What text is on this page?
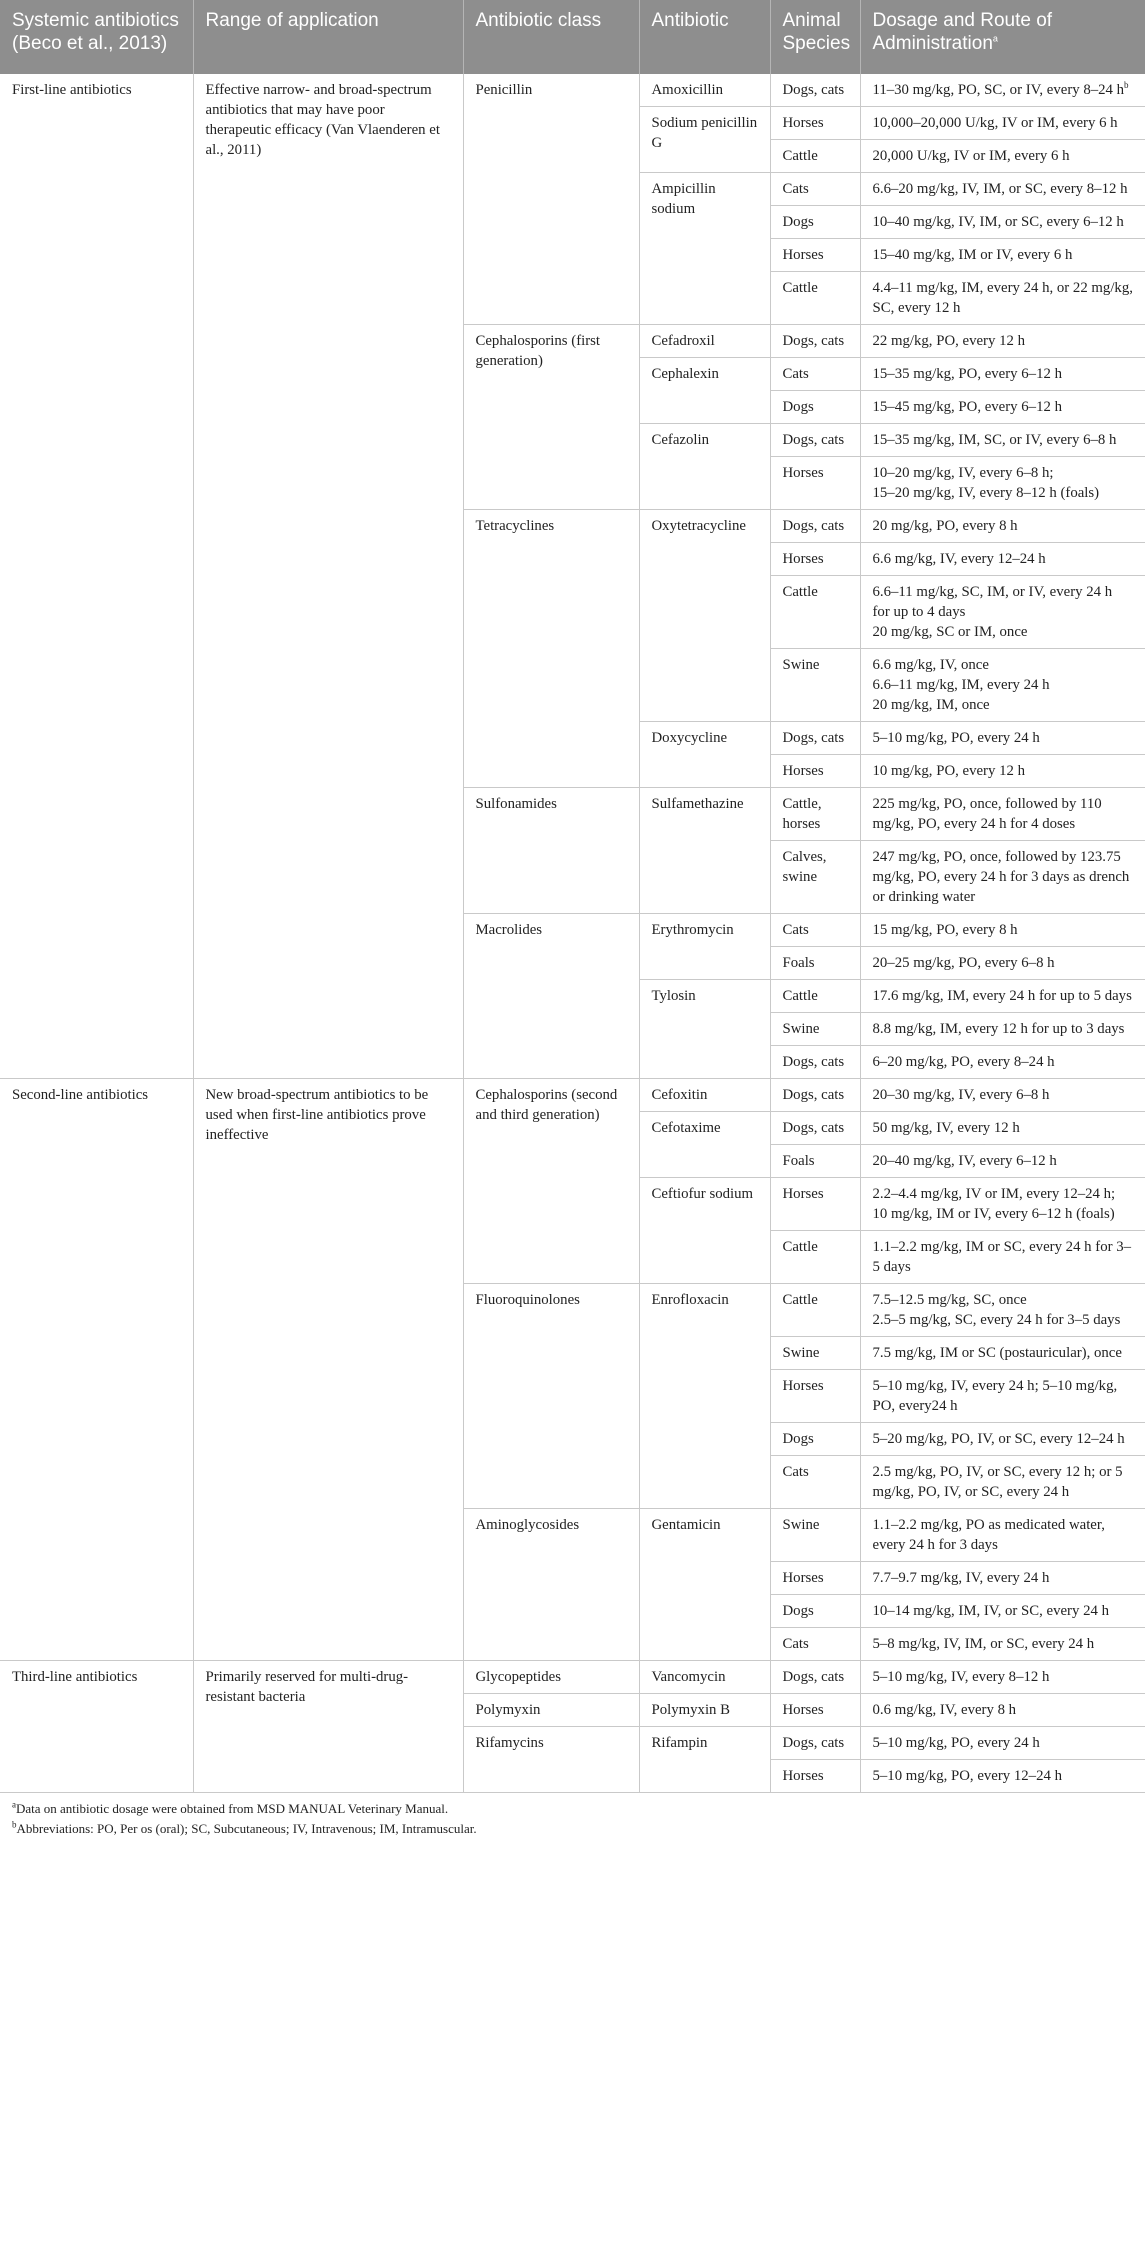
Systemic antibiotics (Beco et al., 2013)	Range of application	Antibiotic class	Antibiotic	Animal Species	Dosage and Route of Administration$^a$
First-line antibiotics	Effective narrow- and broad-spectrum antibiotics that may have poor therapeutic efficacy (Van Vlaenderen et al., 2011)	Penicillin	Amoxicillin	Dogs, cats	11–30 mg/kg, PO, SC, or IV, every 8–24 $h^b$

			Sodium penicillin G	Horses	10,000–20,000 U/kg, IV or IM, every 6 h

				Cattle	20,000 U/kg, IV or IM, every 6 h

			Ampicillin sodium	Cats	6.6–20 mg/kg, IV, IM, or SC, every 8–12 h

				Dogs	10–40 mg/kg, IV, IM, or SC, every 6–12 h

				Horses	15–40 mg/kg, IM or IV, every 6 h

				Cattle	4.4–11 mg/kg, IM, every 24 h, or 22 mg/kg, SC, every 12 h

		Cephalosporins (first generation)	Cefadroxil	Dogs, cats	22 mg/kg, PO, every 12 h

			Cephalexin	Cats	15–35 mg/kg, PO, every 6–12 h

				Dogs	15–45 mg/kg, PO, every 6–12 h

			Cefazolin	Dogs, cats	15–35 mg/kg, IM, SC, or IV, every 6–8 h

				Horses	10–20 mg/kg, IV, every 6–8 h;
15–20 mg/kg, IV, every 8–12 h (foals)

		Tetracyclines	Oxytetracycline	Dogs, cats	20 mg/kg, PO, every 8 h

				Horses	6.6 mg/kg, IV, every 12–24 h

				Cattle	6.6–11 mg/kg, SC, IM, or IV, every 24 h for up to 4 days
20 mg/kg, SC or IM, once

				Swine	6.6 mg/kg, IV, once
6.6–11 mg/kg, IM, every 24 h
20 mg/kg, IM, once

			Doxycycline	Dogs, cats	5–10 mg/kg, PO, every 24 h

				Horses	10 mg/kg, PO, every 12 h

		Sulfonamides	Sulfamethazine	Cattle, horses	225 mg/kg, PO, once, followed by 110 mg/kg, PO, every 24 h for 4 doses

				Calves, swine	247 mg/kg, PO, once, followed by 123.75 mg/kg, PO, every 24 h for 3 days as drench or drinking water

		Macrolides	Erythromycin	Cats	15 mg/kg, PO, every 8 h

				Foals	20–25 mg/kg, PO, every 6–8 h

			Tylosin	Cattle	17.6 mg/kg, IM, every 24 h for up to 5 days

				Swine	8.8 mg/kg, IM, every 12 h for up to 3 days

				Dogs, cats	6–20 mg/kg, PO, every 8–24 h

Second-line antibiotics	New broad-spectrum antibiotics to be used when first-line antibiotics prove ineffective	Cephalosporins (second and third generation)	Cefoxitin	Dogs, cats	20–30 mg/kg, IV, every 6–8 h

			Cefotaxime	Dogs, cats	50 mg/kg, IV, every 12 h

				Foals	20–40 mg/kg, IV, every 6–12 h

			Ceftiofur sodium	Horses	2.2–4.4 mg/kg, IV or IM, every 12–24 h; 10 mg/kg, IM or IV, every 6–12 h (foals)

				Cattle	1.1–2.2 mg/kg, IM or SC, every 24 h for 3–5 days

		Fluoroquinolones	Enrofloxacin	Cattle	7.5–12.5 mg/kg, SC, once
2.5–5 mg/kg, SC, every 24 h for 3–5 days

				Swine	7.5 mg/kg, IM or SC (postauricular), once

				Horses	5–10 mg/kg, IV, every 24 h; 5–10 mg/kg, PO, every24 h

				Dogs	5–20 mg/kg, PO, IV, or SC, every 12–24 h

				Cats	2.5 mg/kg, PO, IV, or SC, every 12 h; or 5 mg/kg, PO, IV, or SC, every 24 h

		Aminoglycosides	Gentamicin	Swine	1.1–2.2 mg/kg, PO as medicated water, every 24 h for 3 days

				Horses	7.7–9.7 mg/kg, IV, every 24 h

				Dogs	10–14 mg/kg, IM, IV, or SC, every 24 h

				Cats	5–8 mg/kg, IV, IM, or SC, every 24 h

Third-line antibiotics	Primarily reserved for multi-drug-resistant bacteria	Glycopeptides	Vancomycin	Dogs, cats	5–10 mg/kg, IV, every 8–12 h

		Polymyxin	Polymyxin B	Horses	0.6 mg/kg, IV, every 8 h

		Rifamycins	Rifampin	Dogs, cats	5–10 mg/kg, PO, every 24 h

				Horses	5–10 mg/kg, PO, every 12–24 h
$^a$Data on antibiotic dosage were obtained from MSD MANUAL Veterinary Manual.
$^b$Abbreviations: PO, Per os (oral); SC, Subcutaneous; IV, Intravenous; IM, Intramuscular.
